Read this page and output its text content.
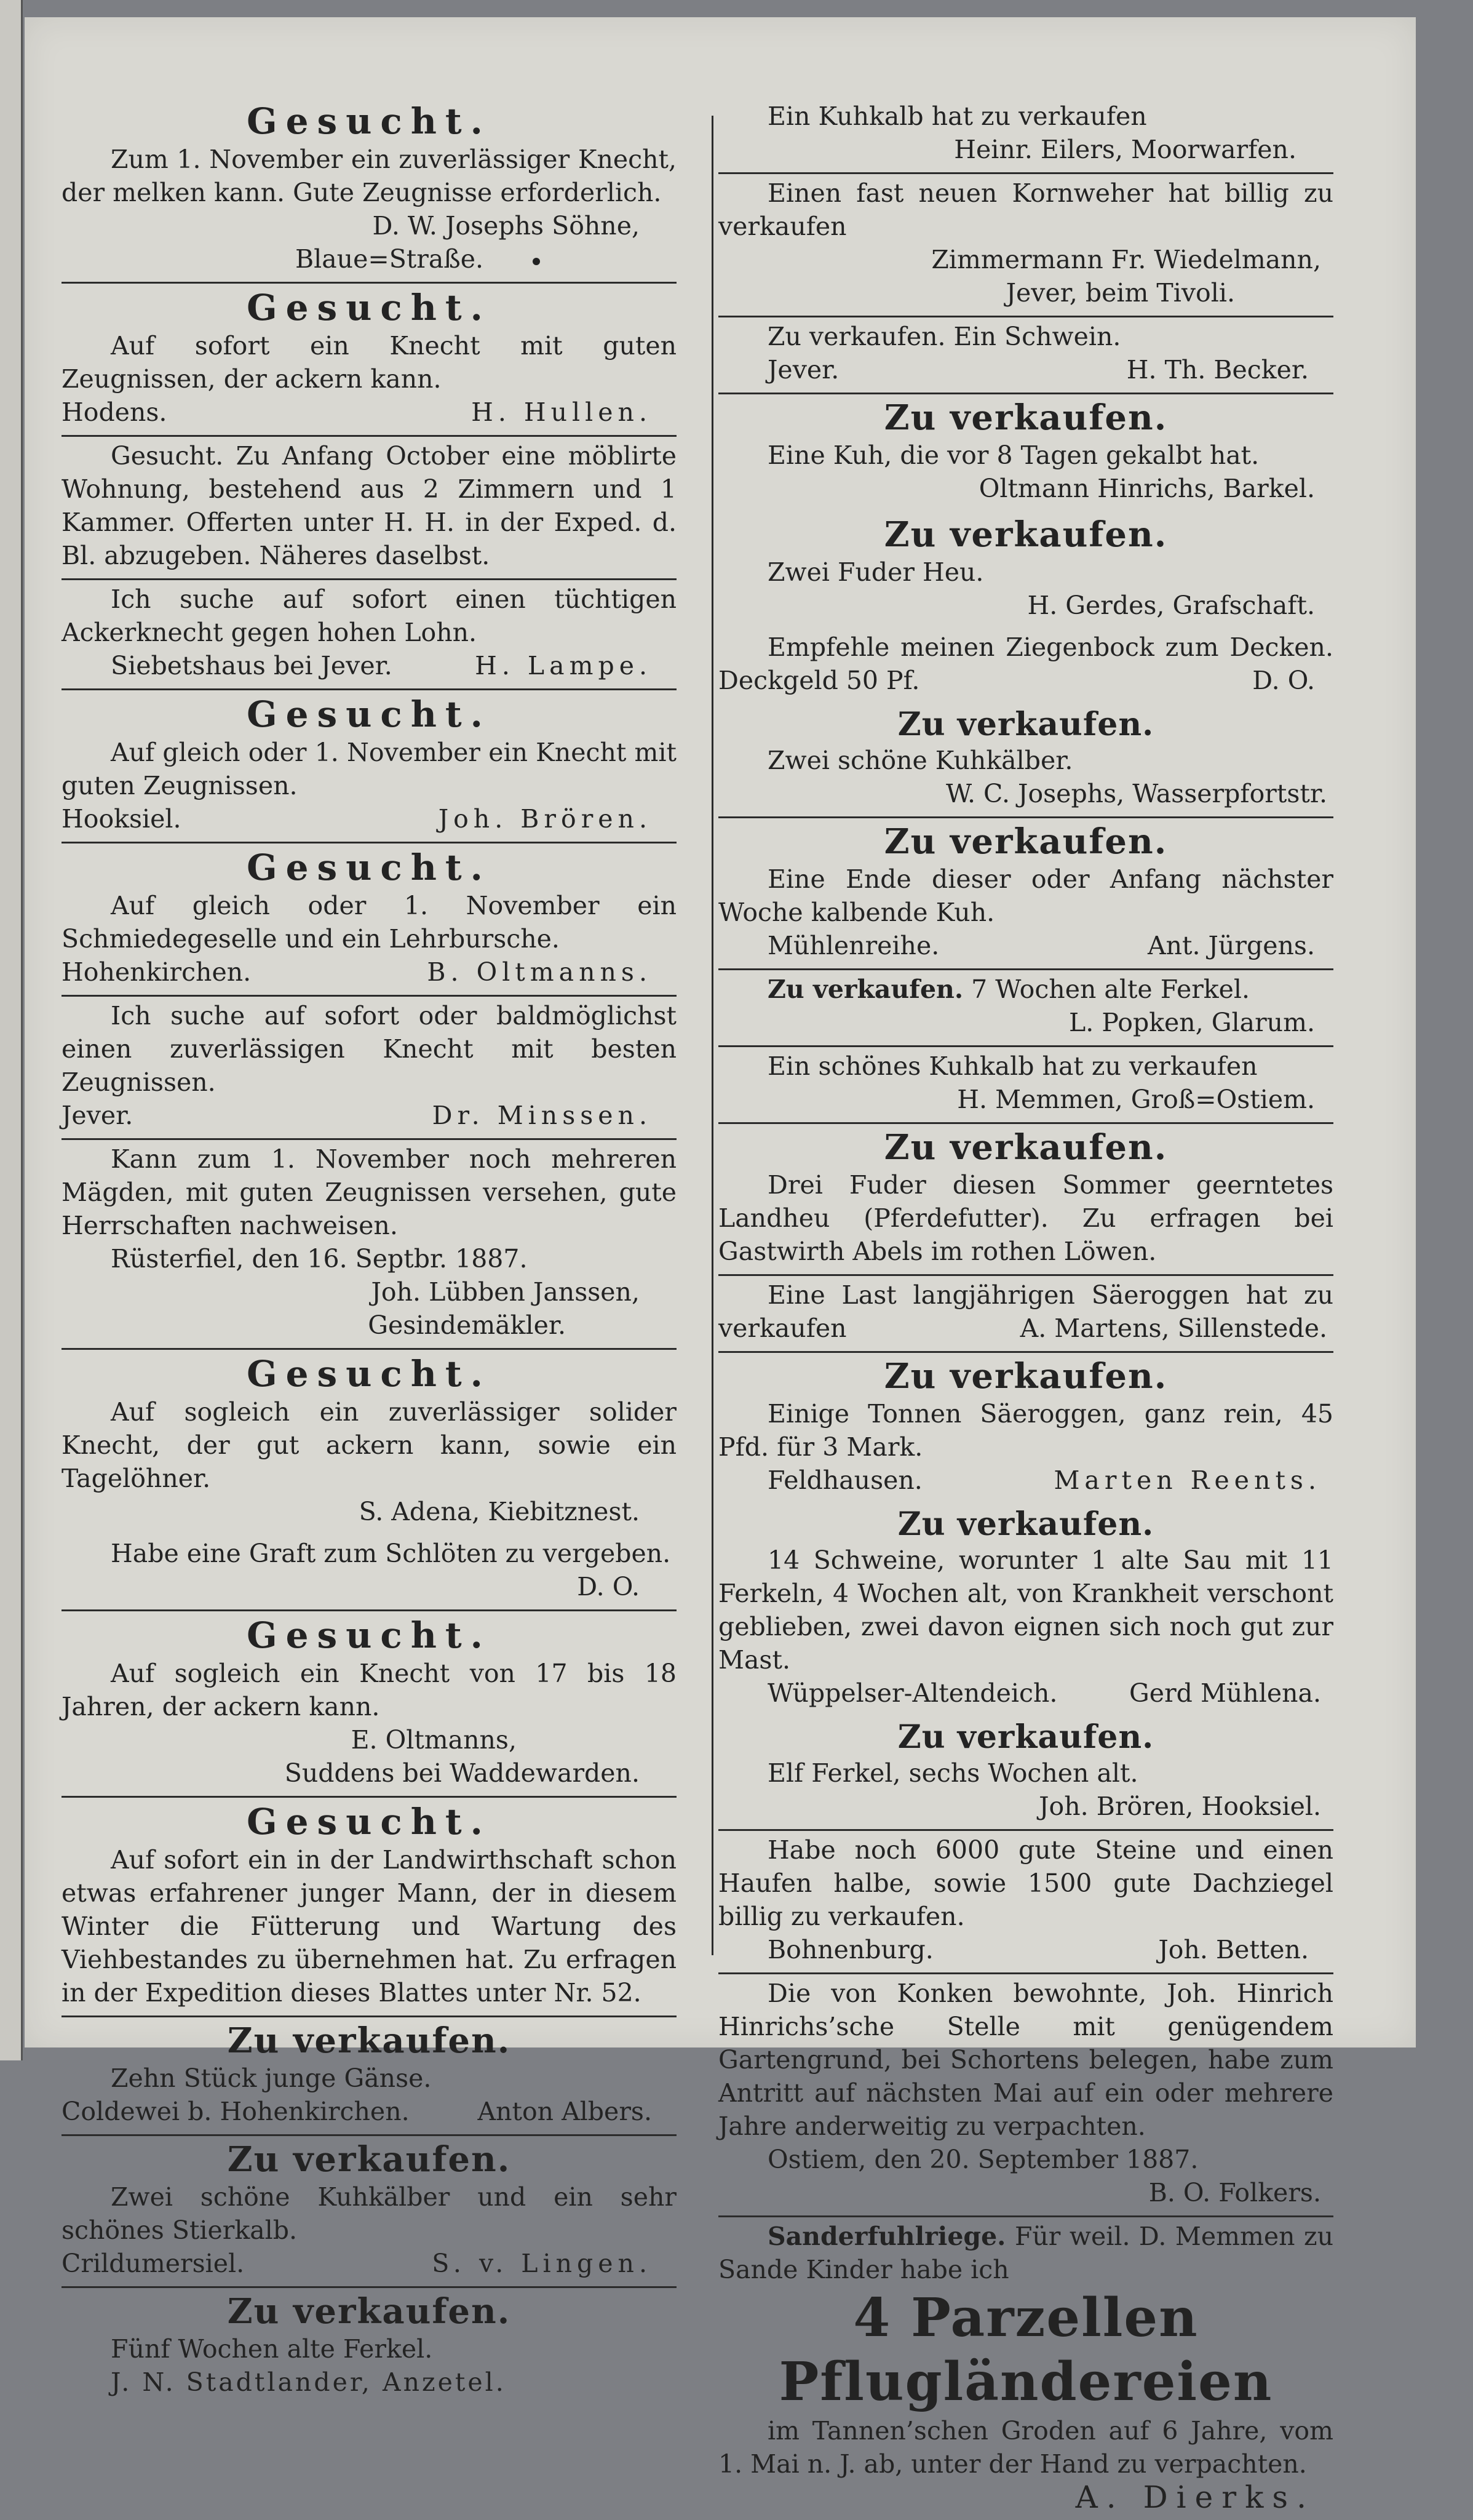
Gesucht.
Zum 1. November ein zuverlässiger Knecht, der melken kann. Gute Zeugnisse erforderlich.
D. W. Josephs Söhne,
Blaue=Straße.
Gesucht.
Auf sofort ein Knecht mit guten Zeugnissen, der ackern kann.
Hodens.	H. Hullen.
Gesucht. Zu Anfang October eine möblirte Wohnung, bestehend aus 2 Zimmern und 1 Kammer. Offerten unter H. H. in der Exped. d. Bl. abzugeben. Näheres daselbst.
Ich suche auf sofort einen tüchtigen Ackerknecht gegen hohen Lohn.
Siebetshaus bei Jever.	H. Lampe.
Gesucht.
Auf gleich oder 1. November ein Knecht mit guten Zeugnissen.
Hooksiel.	Joh. Brören.
Gesucht.
Auf gleich oder 1. November ein Schmiedegeselle und ein Lehrbursche.
Hohenkirchen.	B. Oltmanns.
Ich suche auf sofort oder baldmöglichst einen zuverlässigen Knecht mit besten Zeugnissen.
Jever.	Dr. Minssen.
Kann zum 1. November noch mehreren Mägden, mit guten Zeugnissen versehen, gute Herrschaften nachweisen.
Rüsterfiel, den 16. Septbr. 1887.
Joh. Lübben Janssen,
Gesindemäkler.
Gesucht.
Auf sogleich ein zuverlässiger solider Knecht, der gut ackern kann, sowie ein Tagelöhner.
S. Adena, Kiebitznest.
Habe eine Graft zum Schlöten zu vergeben.
D. O.
Gesucht.
Auf sogleich ein Knecht von 17 bis 18 Jahren, der ackern kann.
E. Oltmanns,
Suddens bei Waddewarden.
Gesucht.
Auf sofort ein in der Landwirthschaft schon etwas erfahrener junger Mann, der in diesem Winter die Fütterung und Wartung des Viehbestandes zu übernehmen hat. Zu erfragen in der Expedition dieses Blattes unter Nr. 52.
Zu verkaufen.
Zehn Stück junge Gänse.
Coldewei b. Hohenkirchen.	Anton Albers.
Zu verkaufen.
Zwei schöne Kuhkälber und ein sehr schönes Stierkalb.
Crildumersiel.	S. v. Lingen.
Zu verkaufen.
Fünf Wochen alte Ferkel.
J. N. Stadtlander, Anzetel.
Ein Kuhkalb hat zu verkaufen
Heinr. Eilers, Moorwarfen.
Einen fast neuen Kornweher hat billig zu verkaufen
Zimmermann Fr. Wiedelmann,
Jever, beim Tivoli.
Zu verkaufen. Ein Schwein.
Jever.	H. Th. Becker.
Zu verkaufen.
Eine Kuh, die vor 8 Tagen gekalbt hat.
Oltmann Hinrichs, Barkel.
Zu verkaufen.
Zwei Fuder Heu.
H. Gerdes, Grafschaft.
Empfehle meinen Ziegenbock zum Decken. Deckgeld 50 Pf.	D. O.
Zu verkaufen.
Zwei schöne Kuhkälber.
W. C. Josephs, Wasserpfortstr.
Zu verkaufen.
Eine Ende dieser oder Anfang nächster Woche kalbende Kuh.
Mühlenreihe.	Ant. Jürgens.
Zu verkaufen. 7 Wochen alte Ferkel.
L. Popken, Glarum.
Ein schönes Kuhkalb hat zu verkaufen
H. Memmen, Groß=Ostiem.
Zu verkaufen.
Drei Fuder diesen Sommer geerntetes Landheu (Pferdefutter). Zu erfragen bei Gastwirth Abels im rothen Löwen.
Eine Last langjährigen Säeroggen hat zu verkaufen	A. Martens, Sillenstede.
Zu verkaufen.
Einige Tonnen Säeroggen, ganz rein, 45 Pfd. für 3 Mark.
Feldhausen.	Marten Reents.
Zu verkaufen.
14 Schweine, worunter 1 alte Sau mit 11 Ferkeln, 4 Wochen alt, von Krankheit verschont geblieben, zwei davon eignen sich noch gut zur Mast.
Wüppelser-Altendeich.	Gerd Mühlena.
Zu verkaufen.
Elf Ferkel, sechs Wochen alt.
Joh. Brören, Hooksiel.
Habe noch 6000 gute Steine und einen Haufen halbe, sowie 1500 gute Dachziegel billig zu verkaufen.
Bohnenburg.	Joh. Betten.
Die von Konken bewohnte, Joh. Hinrich Hinrichs’sche Stelle mit genügendem Gartengrund, bei Schortens belegen, habe zum Antritt auf nächsten Mai auf ein oder mehrere Jahre anderweitig zu verpachten.
Ostiem, den 20. September 1887.
B. O. Folkers.
Sanderfuhlriege. Für weil. D. Memmen zu Sande Kinder habe ich
4 Parzellen Pflugländereien
im Tannen’schen Groden auf 6 Jahre, vom 1. Mai n. J. ab, unter der Hand zu verpachten.
A. Dierks.
